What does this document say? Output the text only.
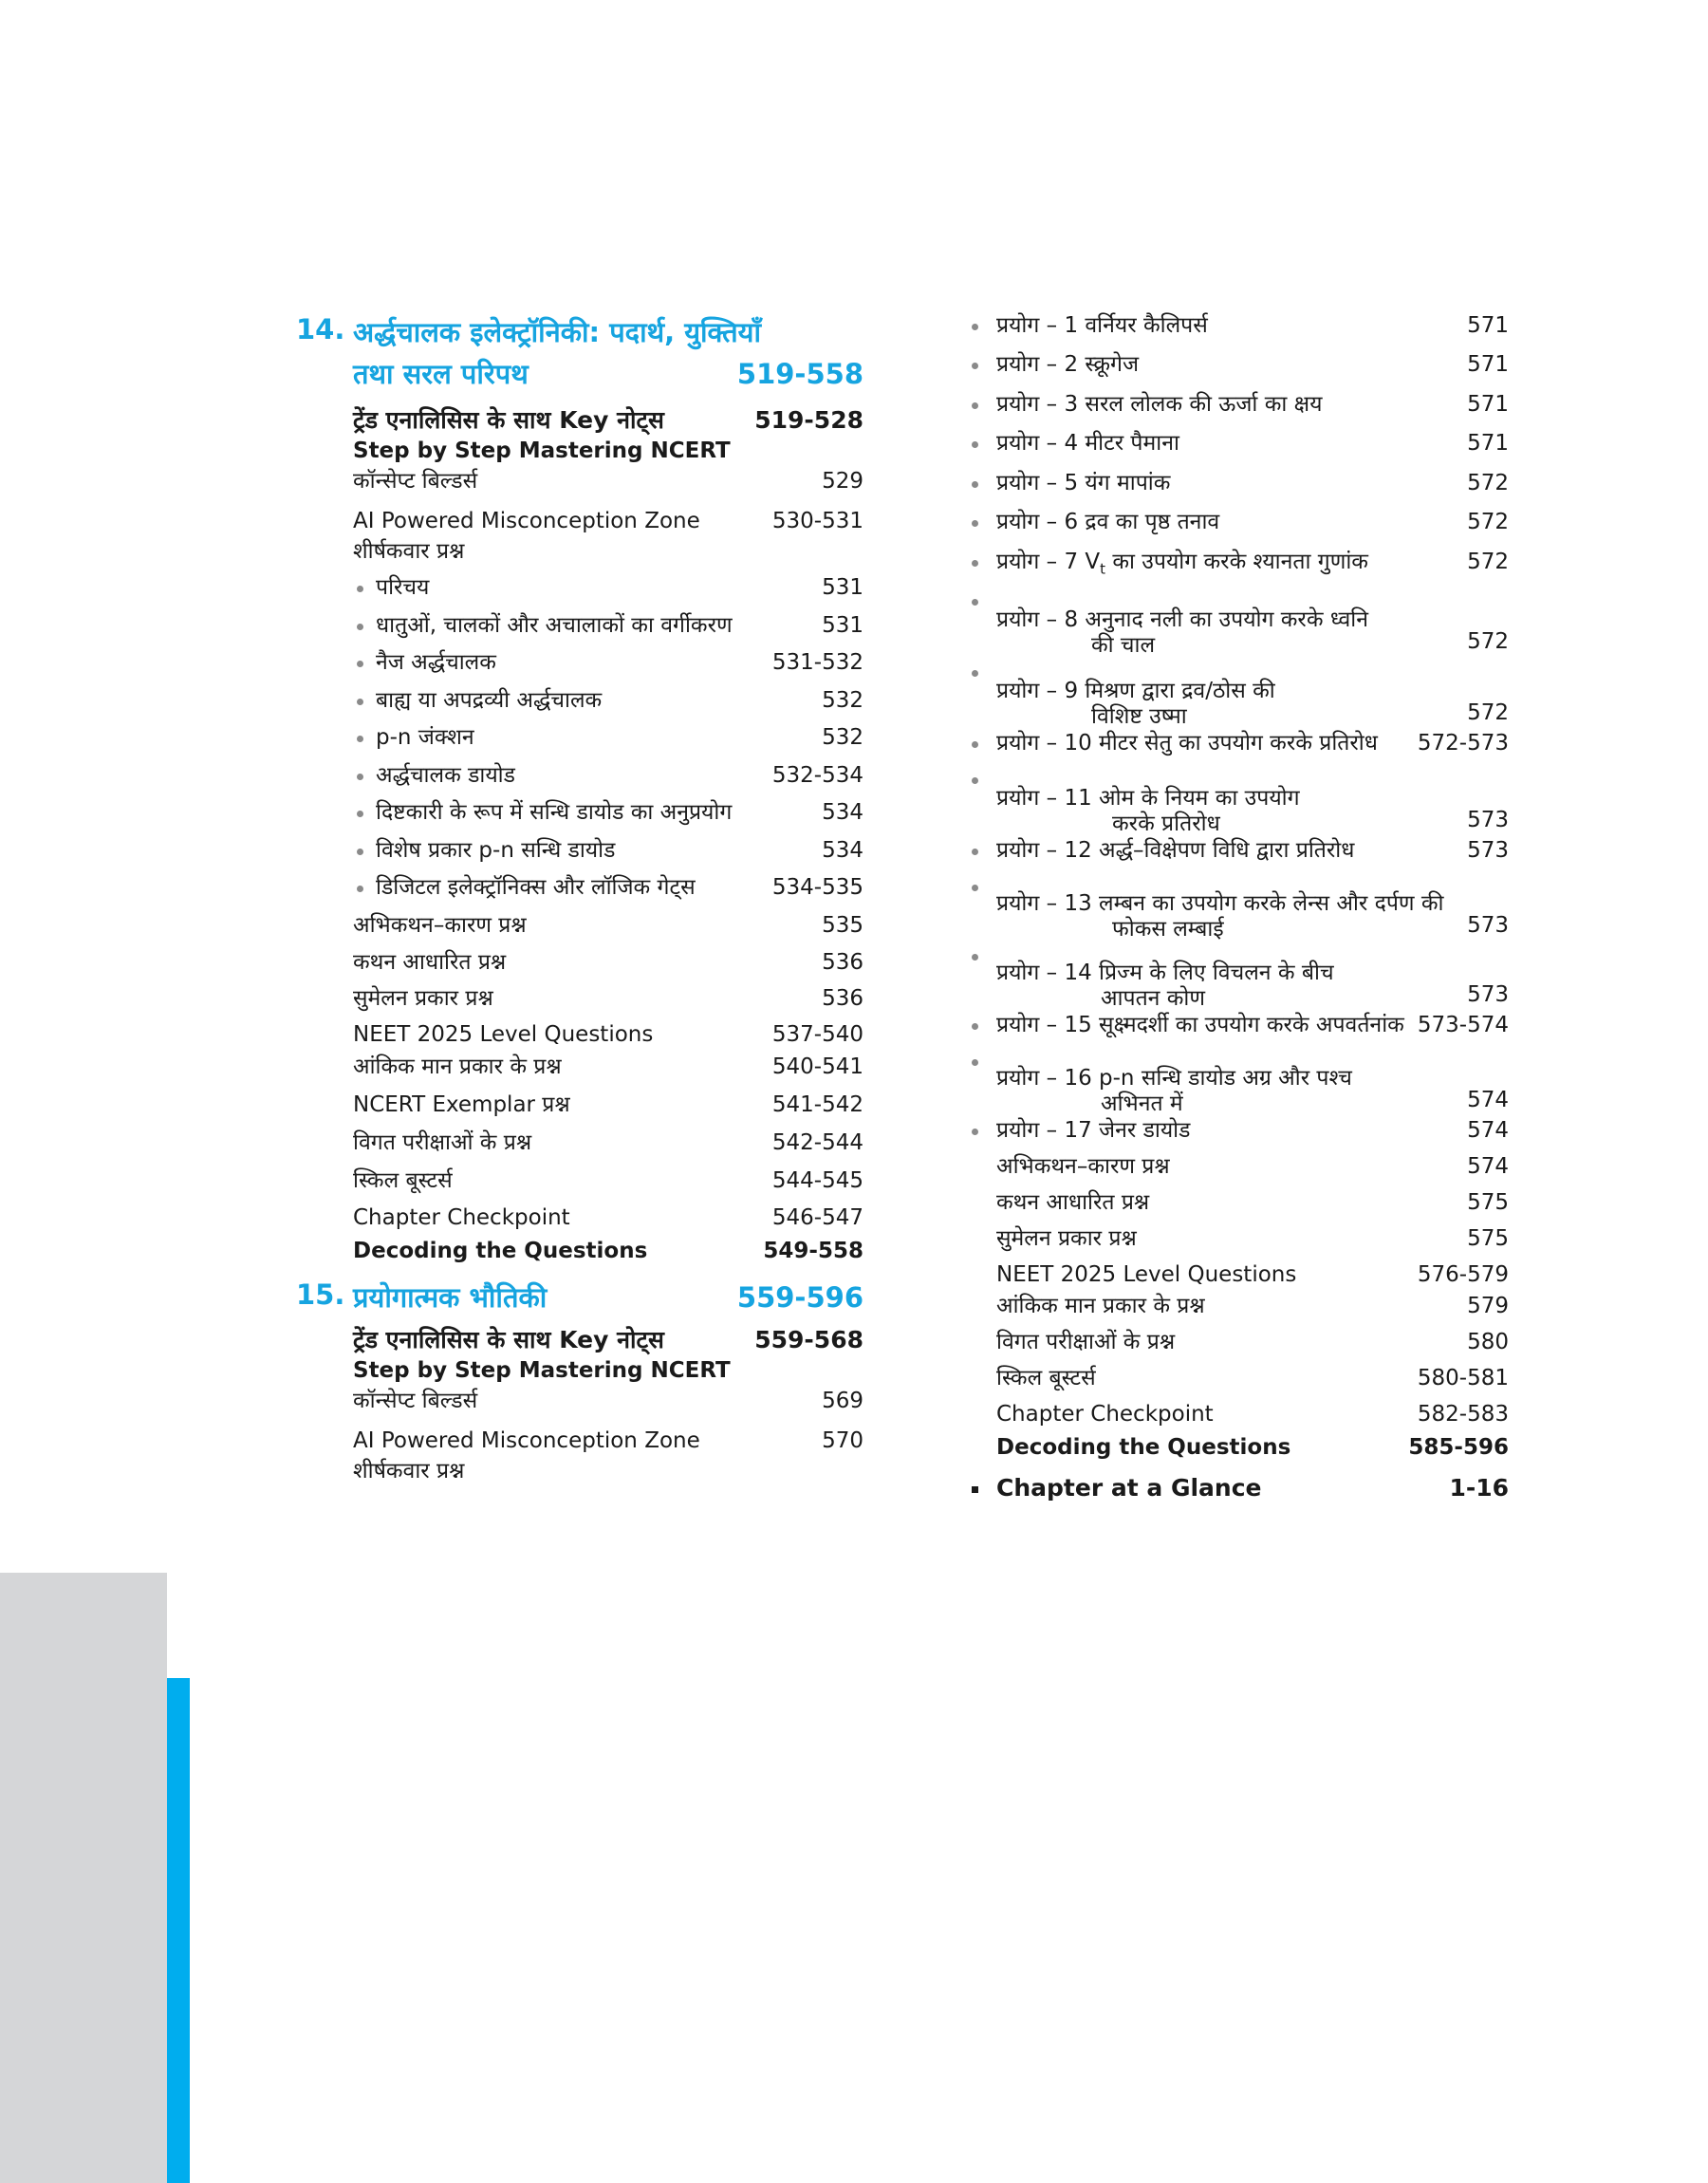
14. अर्द्धचालक इलेक्ट्रॉनिकी: पदार्थ, युक्तियाँ
तथा सरल परिपथ	519-558
ट्रेंड एनालिसिस के साथ Key नोट्स	519-528
Step by Step Mastering NCERT
कॉन्सेप्ट बिल्डर्स	529
AI Powered Misconception Zone	530-531
शीर्षकवार प्रश्न
परिचय	531
धातुओं, चालकों और अचालाकों का वर्गीकरण	531
नैज अर्द्धचालक	531-532
बाह्य या अपद्रव्यी अर्द्धचालक	532
p-n जंक्शन	532
अर्द्धचालक डायोड	532-534
दिष्टकारी के रूप में सन्धि डायोड का अनुप्रयोग	534
विशेष प्रकार p-n सन्धि डायोड	534
डिजिटल इलेक्ट्रॉनिक्स और लॉजिक गेट्स	534-535
अभिकथन–कारण प्रश्न	535
कथन आधारित प्रश्न	536
सुमेलन प्रकार प्रश्न	536
NEET 2025 Level Questions	537-540
आंकिक मान प्रकार के प्रश्न	540-541
NCERT Exemplar प्रश्न	541-542
विगत परीक्षाओं के प्रश्न	542-544
स्किल बूस्टर्स	544-545
Chapter Checkpoint	546-547
Decoding the Questions	549-558
15. प्रयोगात्मक भौतिकी	559-596
ट्रेंड एनालिसिस के साथ Key नोट्स	559-568
Step by Step Mastering NCERT
कॉन्सेप्ट बिल्डर्स	569
AI Powered Misconception Zone	570
शीर्षकवार प्रश्न
प्रयोग – 1 वर्नियर कैलिपर्स	571
प्रयोग – 2 स्क्रूगेज	571
प्रयोग – 3 सरल लोलक की ऊर्जा का क्षय	571
प्रयोग – 4 मीटर पैमाना	571
प्रयोग – 5 यंग मापांक	572
प्रयोग – 6 द्रव का पृष्ठ तनाव	572
प्रयोग – 7 $V_t$ का उपयोग करके श्यानता गुणांक	572
प्रयोग – 8 अनुनाद नली का उपयोग करके ध्वनि
की चाल	572
प्रयोग – 9 मिश्रण द्वारा द्रव/ठोस की
विशिष्ट उष्मा	572
प्रयोग – 10 मीटर सेतु का उपयोग करके प्रतिरोध 572-573
प्रयोग – 11 ओम के नियम का उपयोग
करके प्रतिरोध	573
प्रयोग – 12 अर्द्ध–विक्षेपण विधि द्वारा प्रतिरोध	573
प्रयोग – 13 लम्बन का उपयोग करके लेन्स और दर्पण की
फोकस लम्बाई	573
प्रयोग – 14 प्रिज्म के लिए विचलन के बीच
आपतन कोण	573
प्रयोग – 15 सूक्ष्मदर्शी का उपयोग करके अपवर्तनांक 573-574
प्रयोग – 16 p-n सन्धि डायोड अग्र और पश्च
अभिनत में	574
प्रयोग – 17 जेनर डायोड	574
अभिकथन–कारण प्रश्न	574
कथन आधारित प्रश्न	575
सुमेलन प्रकार प्रश्न	575
NEET 2025 Level Questions	576-579
आंकिक मान प्रकार के प्रश्न	579
विगत परीक्षाओं के प्रश्न	580
स्किल बूस्टर्स	580-581
Chapter Checkpoint	582-583
Decoding the Questions	585-596
Chapter at a Glance	1-16
